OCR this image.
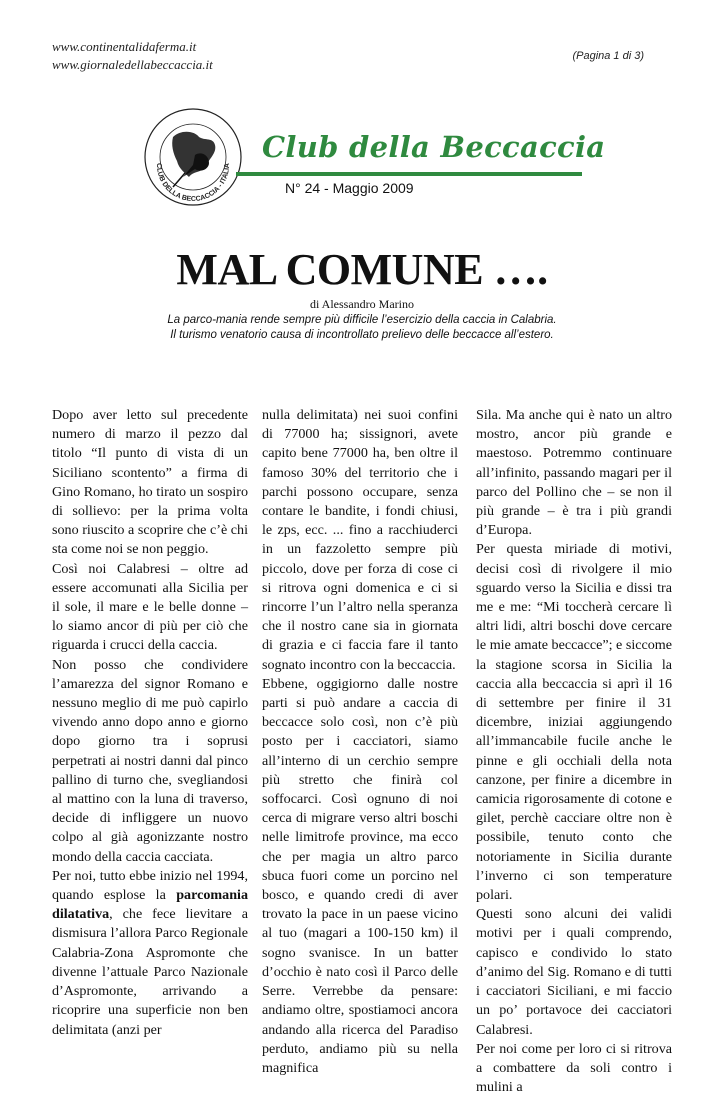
www.continentalidaferma.it
www.giornaledellabeccaccia.it
(Pagina 1 di 3)
CLUB DELLA BECCACCIA - ITALIA
Club della Beccaccia
N° 24 - Maggio 2009
MAL COMUNE ….
di Alessandro Marino
La parco-mania rende sempre più difficile l’esercizio della caccia in Calabria.
Il turismo venatorio causa di incontrollato prelievo delle beccacce all’estero.

Dopo aver letto sul precedente numero di marzo il pezzo dal titolo “Il punto di vista di un Siciliano scontento” a firma di Gino Romano, ho tirato un sospiro di sollievo: per la prima volta sono riuscito a scoprire che c’è chi sta come noi se non peggio.

Così noi Calabresi – oltre ad essere accomunati alla Sicilia per il sole, il mare e le belle donne – lo siamo ancor di più per ciò che riguarda i crucci della caccia.

Non posso che condividere l’amarezza del signor Romano e nessuno meglio di me può capirlo vivendo anno dopo anno e giorno dopo giorno tra i soprusi perpetrati ai nostri danni dal pinco pallino di turno che, svegliandosi al mattino con la luna di traverso, decide di infliggere un nuovo colpo al già agonizzante nostro mondo della caccia cacciata.

Per noi, tutto ebbe inizio nel 1994, quando esplose la parcomania dilatativa, che fece lievitare a dismisura l’allora Parco Regionale Calabria-Zona Aspromonte che divenne l’attuale Parco Nazionale d’Aspromonte, arrivando a ricoprire una superficie non ben delimitata (anzi per

nulla delimitata) nei suoi confini di 77000 ha; sissignori, avete capito bene 77000 ha, ben oltre il famoso 30% del territorio che i parchi possono occupare, senza contare le bandite, i fondi chiusi, le zps, ecc. ... fino a racchiuderci in un fazzoletto sempre più piccolo, dove per forza di cose ci si ritrova ogni domenica e ci si rincorre l’un l’altro nella speranza che il nostro cane sia in giornata di grazia e ci faccia fare il tanto sognato incontro con la beccaccia.

Ebbene, oggigiorno dalle nostre parti si può andare a caccia di beccacce solo così, non c’è più posto per i cacciatori, siamo all’interno di un cerchio sempre più stretto che finirà col soffocarci. Così ognuno di noi cerca di migrare verso altri boschi nelle limitrofe province, ma ecco che per magia un altro parco sbuca fuori come un porcino nel bosco, e quando credi di aver trovato la pace in un paese vicino al tuo (magari a 100-150 km) il sogno svanisce. In un batter d’occhio è nato così il Parco delle Serre. Verrebbe da pensare: andiamo oltre, spostiamoci ancora andando alla ricerca del Paradiso perduto, andiamo più su nella magnifica

Sila. Ma anche qui è nato un altro mostro, ancor più grande e maestoso. Potremmo continuare all’infinito, passando magari per il parco del Pollino che – se non il più grande – è tra i più grandi d’Europa.

Per questa miriade di motivi, decisi così di rivolgere il mio sguardo verso la Sicilia e dissi tra me e me: “Mi toccherà cercare lì altri lidi, altri boschi dove cercare le mie amate beccacce”; e siccome la stagione scorsa in Sicilia la caccia alla beccaccia si aprì il 16 di settembre per finire il 31 dicembre, iniziai aggiungendo all’immancabile fucile anche le pinne e gli occhiali della nota canzone, per finire a dicembre in camicia rigorosamente di cotone e gilet, perchè cacciare oltre non è possibile, tenuto conto che notoriamente in Sicilia durante l’inverno ci son temperature polari.

Questi sono alcuni dei validi motivi per i quali comprendo, capisco e condivido lo stato d’animo del Sig. Romano e di tutti i cacciatori Siciliani, e mi faccio un po’ portavoce dei cacciatori Calabresi.

Per noi come per loro ci si ritrova a combattere da soli contro i mulini a
